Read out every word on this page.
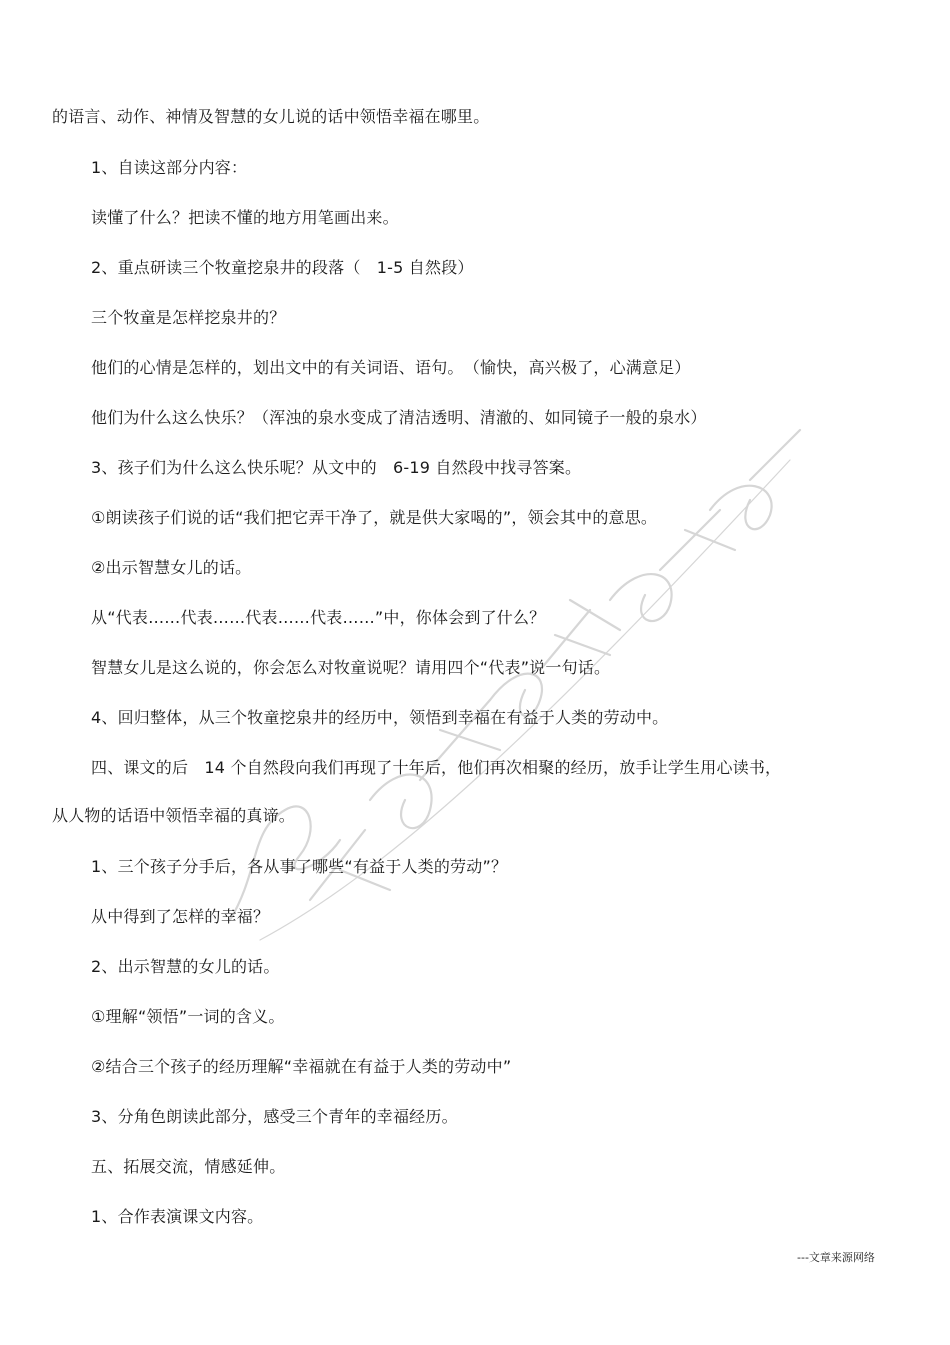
的语言、动作、神情及智慧的女儿说的话中领悟幸福在哪里。
1、自读这部分内容：
读懂了什么？把读不懂的地方用笔画出来。
2、重点研读三个牧童挖泉井的段落（　1-5 自然段）
三个牧童是怎样挖泉井的？
他们的心情是怎样的，划出文中的有关词语、语句。　（愉快，高兴极了，心满意足）
他们为什么这么快乐？（浑浊的泉水变成了清洁透明、清澈的、如同镜子一般的泉水）
3、孩子们为什么这么快乐呢？从文中的　6-19 自然段中找寻答案。
①朗读孩子们说的话“我们把它弄干净了，就是供大家喝的”，领会其中的意思。
②出示智慧女儿的话。
从“代表……代表……代表……代表……”中，你体会到了什么？
智慧女儿是这么说的，你会怎么对牧童说呢？请用四个“代表”说一句话。
4、回归整体，从三个牧童挖泉井的经历中，领悟到幸福在有益于人类的劳动中。
四、课文的后　14 个自然段向我们再现了十年后，他们再次相聚的经历，放手让学生用心读书，
从人物的话语中领悟幸福的真谛。
1、三个孩子分手后，各从事了哪些“有益于人类的劳动”？
从中得到了怎样的幸福？
2、出示智慧的女儿的话。
①理解“领悟”一词的含义。
②结合三个孩子的经历理解“幸福就在有益于人类的劳动中”
3、分角色朗读此部分，感受三个青年的幸福经历。
五、拓展交流，情感延伸。
1、合作表演课文内容。
---文章来源网络
